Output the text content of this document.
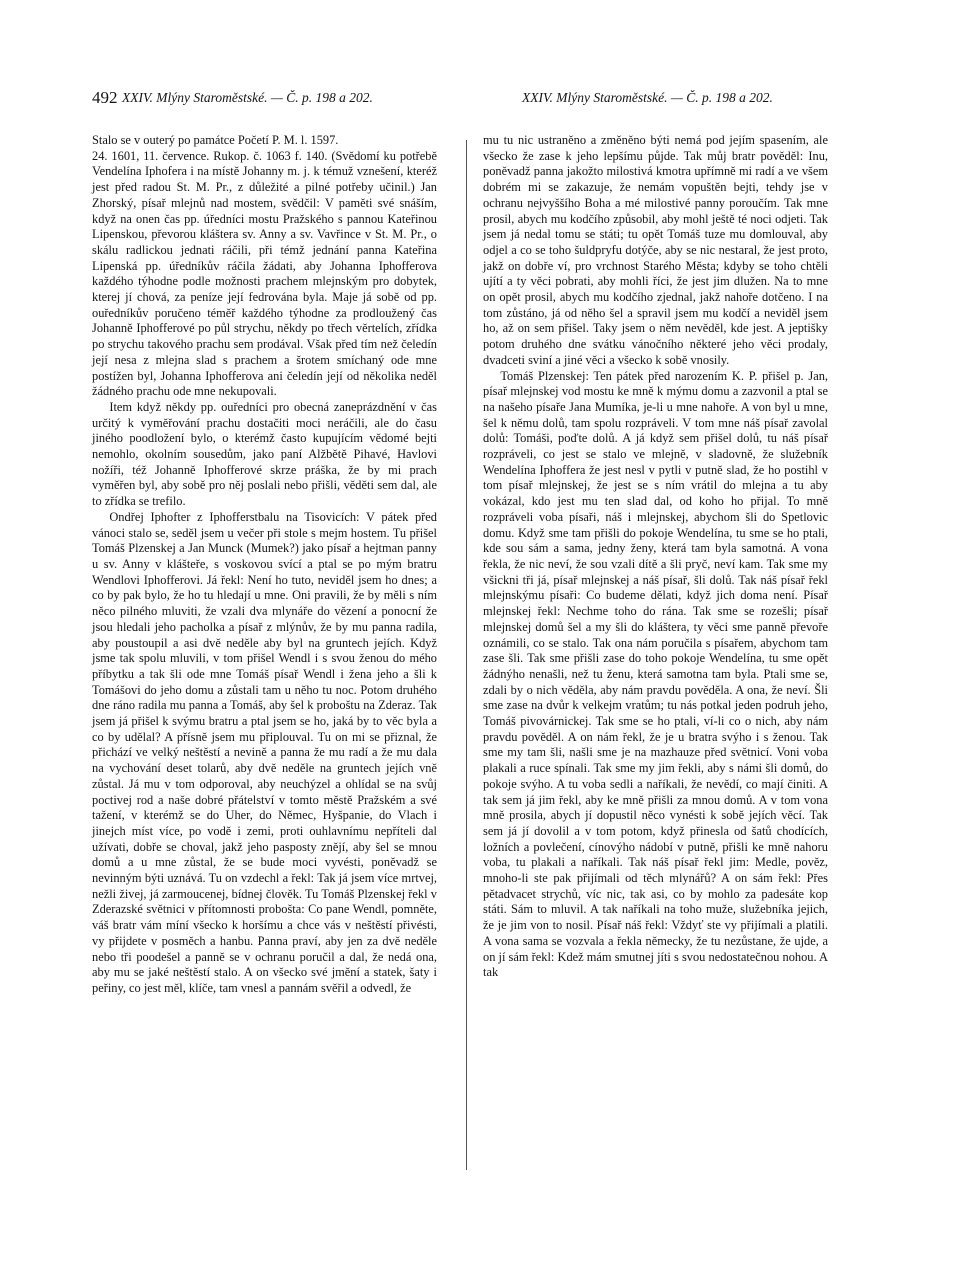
492 XXIV. Mlýny Staroměstské. — Č. p. 198 a 202.	XXIV. Mlýny Staroměstské. — Č. p. 198 a 202.

Stalo se v outerý po památce Početí P. M. l. 1597.

24. 1601, 11. července. Rukop. č. 1063 f. 140. (Svědomí ku potřebě Vendelína Iphofera i na místě Johanny m. j. k témuž vznešení, kteréž jest před radou St. M. Pr., z důležité a pilné potřeby učinil.) Jan Zhorský, písař mlejnů nad mostem, svědčil: V paměti své snáším, když na onen čas pp. úředníci mostu Pražského s pannou Kateřinou Lipenskou, převorou kláštera sv. Anny a sv. Vavřince v St. M. Pr., o skálu radlickou jednati ráčili, při témž jednání panna Kateřina Lipenská pp. úředníkův ráčila žádati, aby Johanna Iphofferova každého týhodne podle možnosti prachem mlejnským pro dobytek, kterej jí chová, za peníze její fedrována byla. Maje já sobě od pp. ouředníkův poručeno téměř každého týhodne za prodloužený čas Johanně Iphofferové po půl strychu, někdy po třech věrtelích, zřídka po strychu takového prachu sem prodával. Však před tím než čeledín její nesa z mlejna slad s prachem a šrotem smíchaný ode mne postížen byl, Johanna Iphofferova ani čeledín její od několika neděl žádného prachu ode mne nekupovali.

Item když někdy pp. ouředníci pro obecná zaneprázdnění v čas určitý k vyměřování prachu dostačiti moci neráčili, ale do času jiného poodložení bylo, o kterémž často kupujícím vědomé bejti nemohlo, okolním sousedům, jako paní Alžbětě Pihavé, Havlovi nožíři, též Johanně Iphofferové skrze práška, že by mi prach vyměřen byl, aby sobě pro něj poslali nebo přišli, věděti sem dal, ale to zřídka se trefilo.

Ondřej Iphofter z Iphofferstbalu na Tisovicích: V pátek před vánoci stalo se, seděl jsem u večer při stole s mejm hostem. Tu přišel Tomáš Plzenskej a Jan Munck (Mumek?) jako písař a hejtman panny u sv. Anny v klášteře, s voskovou svící a ptal se po mým bratru Wendlovi Iphofferovi. Já řekl: Není ho tuto, neviděl jsem ho dnes; a co by pak bylo, že ho tu hledají u mne. Oni pravili, že by měli s ním něco pilného mluviti, že vzali dva mlynáře do vězení a ponocní že jsou hledali jeho pacholka a písař z mlýnův, že by mu panna radila, aby poustoupil a asi dvě neděle aby byl na gruntech jejích. Když jsme tak spolu mluvili, v tom přišel Wendl i s svou ženou do mého příbytku a tak šli ode mne Tomáš písař Wendl i žena jeho a šli k Tomášovi do jeho domu a zůstali tam u něho tu noc. Potom druhého dne ráno radila mu panna a Tomáš, aby šel k proboštu na Zderaz. Tak jsem já přišel k svýmu bratru a ptal jsem se ho, jaká by to věc byla a co by udělal? A přísně jsem mu připlouval. Tu on mi se přiznal, že přichází ve velký neštěstí a nevině a panna že mu radí a že mu dala na vychování deset tolarů, aby dvě neděle na gruntech jejích vně zůstal. Já mu v tom odporoval, aby neuchýzel a ohlídal se na svůj poctivej rod a naše dobré přátelství v tomto městě Pražském a své tažení, v kterémž se do Uher, do Němec, Hyšpanie, do Vlach i jinejch míst více, po vodě i zemi, proti ouhlavnímu nepříteli dal užívati, dobře se choval, jakž jeho pasposty znějí, aby šel se mnou domů a u mne zůstal, že se bude moci vyvésti, poněvadž se nevinným býti uznává. Tu on vzdechl a řekl: Tak já jsem více mrtvej, nežli živej, já zarmoucenej, bídnej člověk. Tu Tomáš Plzenskej řekl v Zderazské světnici v přítomnosti probošta: Co pane Wendl, pomněte, váš bratr vám míní všecko k horšímu a chce vás v neštěstí přivésti, vy přijdete v posměch a hanbu. Panna praví, aby jen za dvě neděle nebo tři poodešel a panně se v ochranu poručil a dal, že nedá ona, aby mu se jaké neštěstí stalo. A on všecko své jmění a statek, šaty i peřiny, co jest měl, klíče, tam vnesl a pannám svěřil a odvedl, že

mu tu nic ustraněno a změněno býti nemá pod jejím spasením, ale všecko že zase k jeho lepšímu půjde. Tak můj bratr pověděl: Inu, poněvadž panna jakožto milostivá kmotra upřímně mi radí a ve všem dobrém mi se zakazuje, že nemám vopuštěn bejti, tehdy jse v ochranu nejvyššího Boha a mé milostivé panny poroučím. Tak mne prosil, abych mu kodčího způsobil, aby mohl ještě té noci odjeti. Tak jsem já nedal tomu se státi; tu opět Tomáš tuze mu domlouval, aby odjel a co se toho šuldpryfu dotýče, aby se nic nestaral, že jest proto, jakž on dobře ví, pro vrchnost Starého Města; kdyby se toho chtěli ujítí a ty věci pobrati, aby mohli říci, že jest jim dlužen. Na to mne on opět prosil, abych mu kodčího zjednal, jakž nahoře dotčeno. I na tom zůstáno, já od něho šel a spravil jsem mu kodčí a neviděl jsem ho, až on sem přišel. Taky jsem o něm nevěděl, kde jest. A jeptišky potom druhého dne svátku vánočního některé jeho věci prodaly, dvadceti sviní a jiné věci a všecko k sobě vnosily.

Tomáš Plzenskej: Ten pátek před narozením K. P. přišel p. Jan, písař mlejnskej vod mostu ke mně k mýmu domu a zazvonil a ptal se na našeho písaře Jana Mumíka, je-li u mne nahoře. A von byl u mne, šel k němu dolů, tam spolu rozpráveli. V tom mne náš písař zavolal dolů: Tomáši, poďte dolů. A já když sem přišel dolů, tu náš písař rozpráveli, co jest se stalo ve mlejně, v sladovně, že služebník Wendelína Iphoffera že jest nesl v pytli v putně slad, že ho postihl v tom písař mlejnskej, že jest se s ním vrátil do mlejna a tu aby vokázal, kdo jest mu ten slad dal, od koho ho přijal. To mně rozpráveli voba písaři, náš i mlejnskej, abychom šli do Spetlovic domu. Když sme tam přišli do pokoje Wendelína, tu sme se ho ptali, kde sou sám a sama, jedny ženy, která tam byla samotná. A vona řekla, že nic neví, že sou vzali dítě a šli pryč, neví kam. Tak sme my všickni tři já, písař mlejnskej a náš písař, šli dolů. Tak náš písař řekl mlejnskýmu písaři: Co budeme dělati, když jich doma není. Písař mlejnskej řekl: Nechme toho do rána. Tak sme se rozešli; písař mlejnskej domů šel a my šli do kláštera, ty věci sme panně převoře oznámili, co se stalo. Tak ona nám poručila s písařem, abychom tam zase šli. Tak sme přišli zase do toho pokoje Wendelína, tu sme opět žádnýho nenašli, než tu ženu, která samotna tam byla. Ptali sme se, zdali by o nich věděla, aby nám pravdu pověděla. A ona, že neví. Šli sme zase na dvůr k velkejm vratům; tu nás potkal jeden podruh jeho, Tomáš pivovárnickej. Tak sme se ho ptali, ví-li co o nich, aby nám pravdu pověděl. A on nám řekl, že je u bratra svýho i s ženou. Tak sme my tam šli, našli sme je na mazhauze před světnicí. Voni voba plakali a ruce spínali. Tak sme my jim řekli, aby s námi šli domů, do pokoje svýho. A tu voba sedli a naříkali, že nevědí, co mají činiti. A tak sem já jim řekl, aby ke mně přišli za mnou domů. A v tom vona mně prosila, abych jí dopustil něco vynésti k sobě jejích věcí. Tak sem já jí dovolil a v tom potom, když přinesla od šatů chodících, ložních a povlečení, cínovýho nádobí v putně, přišli ke mně nahoru voba, tu plakali a naříkali. Tak náš písař řekl jim: Medle, pověz, mnoho-li ste pak přijímali od těch mlynářů? A on sám řekl: Přes pětadvacet strychů, víc nic, tak asi, co by mohlo za padesáte kop státi. Sám to mluvil. A tak naříkali na toho muže, služebníka jejich, že je jim von to nosil. Písař náš řekl: Vždyť ste vy přijímali a platili. A vona sama se vozvala a řekla německy, že tu nezůstane, že ujde, a on jí sám řekl: Kdež mám smutnej jíti s svou nedostatečnou nohou. A tak
